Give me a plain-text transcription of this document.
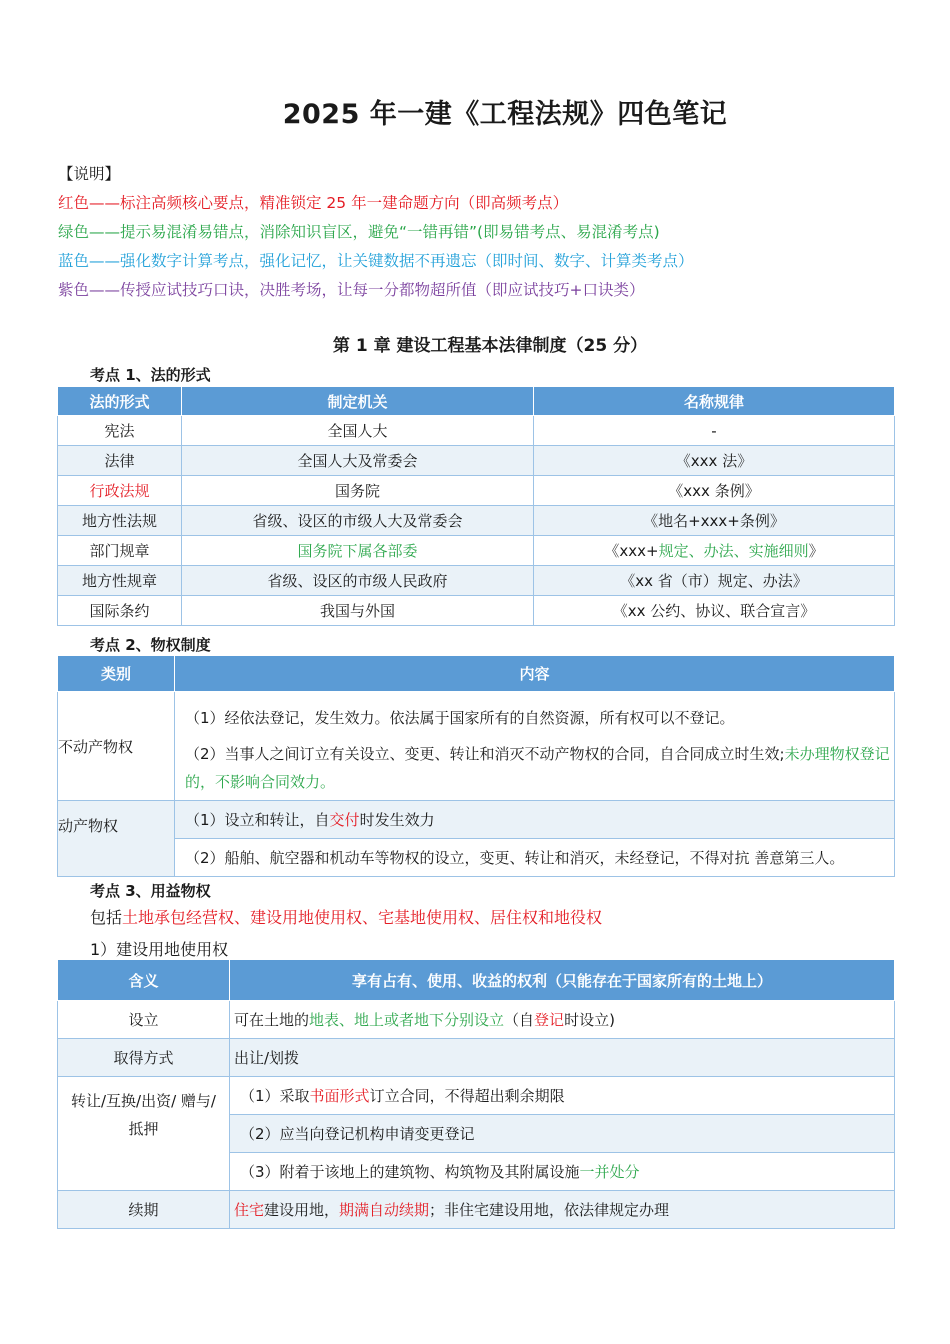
2025 年一建《工程法规》四色笔记
【说明】
红色——标注高频核心要点，精准锁定 25 年一建命题方向（即高频考点）
绿色——提示易混淆易错点，消除知识盲区，避免“一错再错”(即易错考点、易混淆考点)
蓝色——强化数字计算考点，强化记忆，让关键数据不再遗忘（即时间、数字、计算类考点）
紫色——传授应试技巧口诀，决胜考场，让每一分都物超所值（即应试技巧+口诀类）
第 1 章 建设工程基本法律制度（25 分）
考点 1、法的形式
法的形式	制定机关	名称规律
宪法	全国人大	-
法律	全国人大及常委会	《xxx 法》
行政法规	国务院	《xxx 条例》
地方性法规	省级、设区的市级人大及常委会	《地名+xxx+条例》
部门规章	国务院下属各部委	《xxx+规定、办法、实施细则》
地方性规章	省级、设区的市级人民政府	《xx 省（市）规定、办法》
国际条约	我国与外国	《xx 公约、协议、联合宣言》
考点 2、物权制度
类别	内容
不动产物权	（1）经依法登记，发生效力。依法属于国家所有的自然资源，所有权可以不登记。
（2）当事人之间订立有关设立、变更、转让和消灭不动产物权的合同，自合同成立时生效;未办理物权登记的，不影响合同效力。

动产物权	（1）设立和转让，自交付时发生效力
	（2）船舶、航空器和机动车等物权的设立，变更、转让和消灭，未经登记，不得对抗 善意第三人。
考点 3、用益物权
包括土地承包经营权、建设用地使用权、宅基地使用权、居住权和地役权
1）建设用地使用权
含义	享有占有、使用、收益的权利（只能存在于国家所有的土地上）
设立	可在土地的地表、地上或者地下分别设立（自登记时设立)
取得方式	出让/划拨

转让/互换/出资/ 赠与/
抵押	（1）采取书面形式订立合同，不得超出剩余期限
	（2）应当向登记机构申请变更登记
	（3）附着于该地上的建筑物、构筑物及其附属设施一并处分
续期	住宅建设用地，期满自动续期；非住宅建设用地，依法律规定办理
